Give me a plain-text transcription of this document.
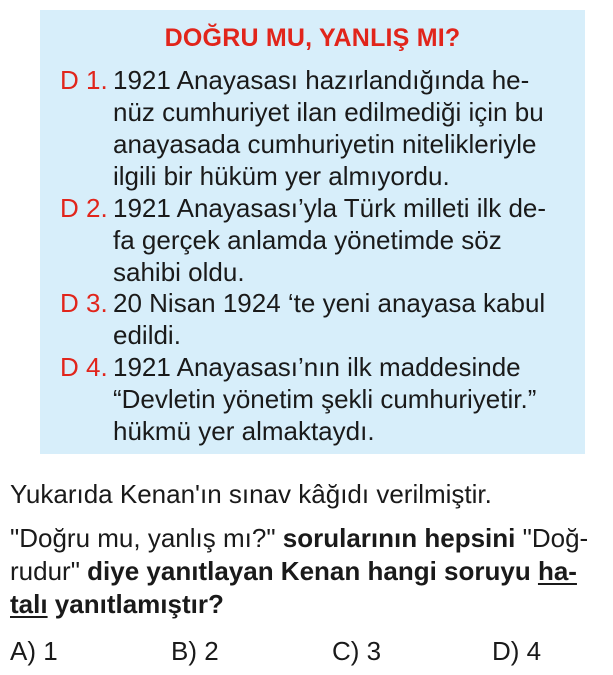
DOĞRU MU, YANLIŞ MI?
D 1. 1921 Anayasası hazırlandığında he-
nüz cumhuriyet ilan edilmediği için bu
anayasada cumhuriyetin nitelikleriyle
ilgili bir hüküm yer almıyordu.
D 2. 1921 Anayasası’yla Türk milleti ilk de-
fa gerçek anlamda yönetimde söz
sahibi oldu.
D 3. 20 Nisan 1924 ‘te yeni anayasa kabul
edildi.
D 4. 1921 Anayasası’nın ilk maddesinde
“Devletin yönetim şekli cumhuriyetir.”
hükmü yer almaktaydı.
Yukarıda Kenan'ın sınav kâğıdı verilmiştir.
"Doğru mu, yanlış mı?" sorularının hepsini "Doğ-
rudur" diye yanıtlayan Kenan hangi soruyu ha-
talı yanıtlamıştır?
A) 1	B) 2	C) 3	D) 4
